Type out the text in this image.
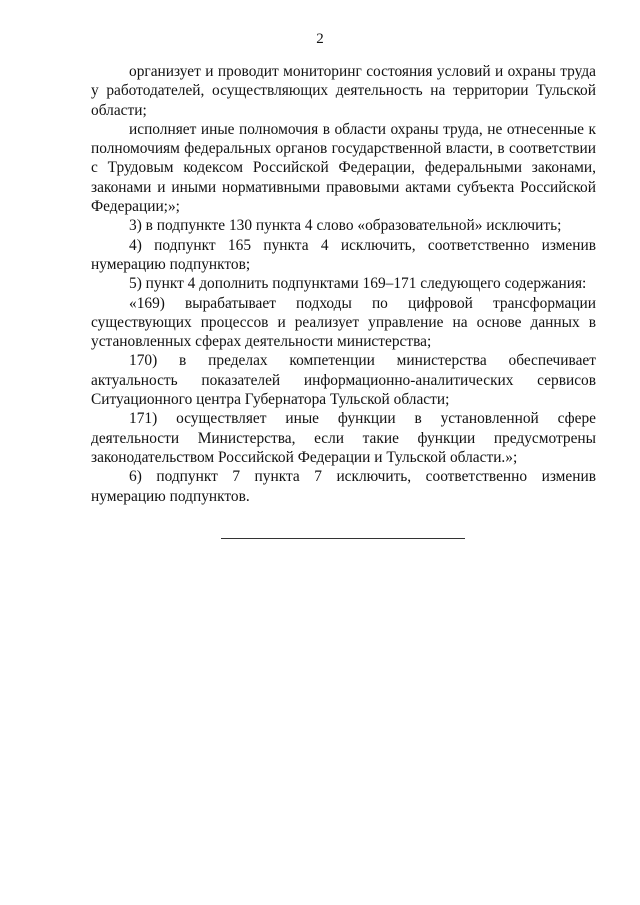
2

организует и проводит мониторинг состояния условий и охраны труда у работодателей, осуществляющих деятельность на территории Тульской области;

исполняет иные полномочия в области охраны труда, не отнесенные к полномочиям федеральных органов государственной власти, в соответствии с Трудовым кодексом Российской Федерации, федеральными законами, законами и иными нормативными правовыми актами субъекта Российской Федерации;»;

3) в подпункте 130 пункта 4 слово «образовательной» исключить;

4) подпункт 165 пункта 4 исключить, соответственно изменив нумерацию подпунктов;

5) пункт 4 дополнить подпунктами 169–171 следующего содержания:

«169) вырабатывает подходы по цифровой трансформации существующих процессов и реализует управление на основе данных в установленных сферах деятельности министерства;

170) в пределах компетенции министерства обеспечивает актуальность показателей информационно-аналитических сервисов Ситуационного центра Губернатора Тульской области;

171) осуществляет иные функции в установленной сфере деятельности Министерства, если такие функции предусмотрены законодательством Российской Федерации и Тульской области.»;

6) подпункт 7 пункта 7 исключить, соответственно изменив нумерацию подпунктов.
